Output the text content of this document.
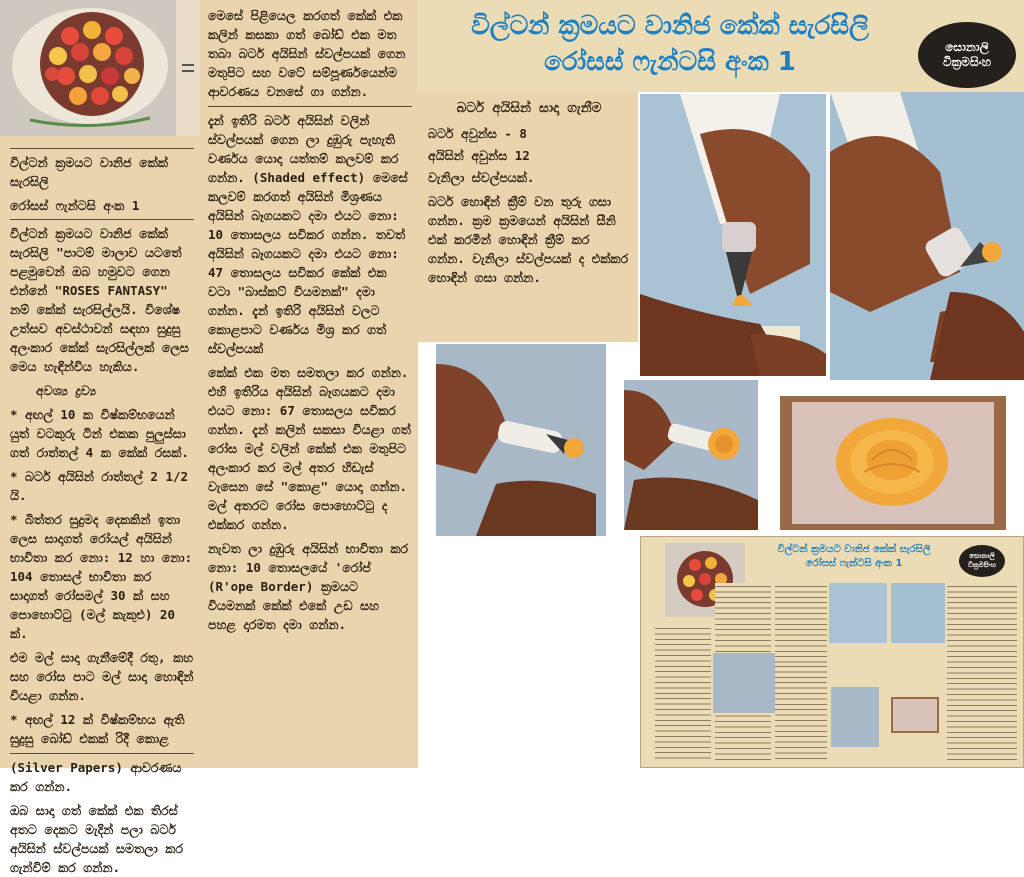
විල්ටන් ක්‍රමයට වානිජ කේක් සැරසිලි

රෝසස් ෆැන්ටසි අංක 1

විල්ටන් ක්‍රමයට වානිජ කේක් සැරසිලි "පාටම් මාලාව යටතේ පළමුවෙන් ඔබ හමුවට ගෙන එන්නේ "ROSES FANTASY" නම් කේක් සැරසිල්ලයි. විශේෂ උත්සව අවස්ථාවන් සඳහා සුදුසු අලංකාර කේක් සැරසිල්ලක් ලෙස මෙය හැඳින්විය හැකිය.

අවශ්‍ය ද්‍රව්‍ය

* අඟල් 10 ක විෂ්කම්භයෙන් යුත් වටකුරු ටින් එකක පුලුස්සා ගත් රාත්තල් 4 ක කේක් රසක්.

* බටර් අයිසින් රාත්තල් 2 1/2 යි.

* බිත්තර සුදුමද දෙකකින් ඉතා ලෙස සාදාගත් රෝයල් අයිසින් භාවිතා කර නො: 12 හා නො: 104 තොසල් භාවිතා කර සාදාගත් රෝසමල් 30 ක් සහ පොහොට්ටු (මල් කැකුළු) 20 ක්.

එම මල් සාදා ගැනීමේදී රතු, කහ සහ රෝස පාට මල් සාදා හොඳින් වියළා ගන්න.

* අඟල් 12 ක් විෂ්කම්භය ඇති සුදුසු බෝඩ් එකක් රිදී කොළ

(Silver Papers) ආවරණය කර ගන්න.

ඔබ සාදා ගත් කේක් එක තිරස් අතට දෙකට මැදින් පලා බටර් අයිසින් ස්වල්පයක් සමතලා කර ගැන්විම් කර ගන්න.

මෙසේ පිළියෙල කරගත් කේක් එක කලින් කසකා ගත් බෝඩ් එක මත තබා බටර් අයිසින් ස්වල්පයක් ගෙන මතුපිට සහ වටේ සම්පූර්ණයෙන්ම ආවරණය වනසේ ගා ගන්න.

දැන් ඉතිරි බටර් අයිසින් වලින් ස්වල්පයක් ගෙන ලා දුඹුරු පැහැති වර්ණය යොදා යත්තම් කලවම් කර ගන්න. (Shaded effect) මෙසේ කලවම් කරගත් අයිසින් මිශ්‍රණය අයිසින් බෑගයකට දමා එයට නො: 10 තොසලය සවිකර ගන්න. තවත් අයිසින් බෑගයකට දමා එයට නො: 47 තොසලය සවිකර කේක් එක වටා "බාස්කට් වියමනක්" දමා ගන්න. දැන් ඉතිරි අයිසින් වලට කොළපාට වර්ණය මිශ්‍ර කර ගත් ස්වල්පයක්

කේක් එක මත සමතලා කර ගන්න. එහි ඉතිරිය අයිසින් බෑගයකට දමා එයට නො: 67 තොසලය සවිකර ගන්න. දැන් කලින් සකසා වියළා ගත් රෝස මල් වලින් කේක් එක මතුපිට අලංකාර කර මල් අතර හිඩැස් වැසෙන සේ "කොළ" යොදා ගන්න. මල් අතරට රෝස පොහොට්ටු ද එක්කර ගන්න.

නැවත ලා දුඹුරු අයිසින් භාවිතා කර නො: 10 තොසලයේ 'රෝප් (R'ope Border) ක්‍රමයට වියමනක් කේක් එකේ උඩ සහ පහළ දාරමත දමා ගන්න.

විල්ටන් ක්‍රමයට වානිජ කේක් සැරසිලි
රෝසස් ෆැන්ටසි අංක 1	සොනාලි
වික්‍රමසිංහ

බටර් අයිසින් සාදා ගැනීම

බටර් අවුන්ස - 8

අයිසින් අවුන්ස 12

වැනිලා ස්වල්පයක්.

බටර් හොඳින් ක්‍රීම් වන තුරු ගසා ගන්න. ක්‍රම ක්‍රමයෙන් අයිසින් සීනි එක් කරමින් හොඳින් ක්‍රීම් කර ගන්න. වැනිලා ස්වල්පයක් ද එක්කර හොඳින් ගසා ගන්න.

විල්ටන් ක්‍රමයට වානිජ කේක් සැරසිලි
රෝසස් ෆැන්ටසි අංක 1
සොනාලි වික්‍රමසිංහ
